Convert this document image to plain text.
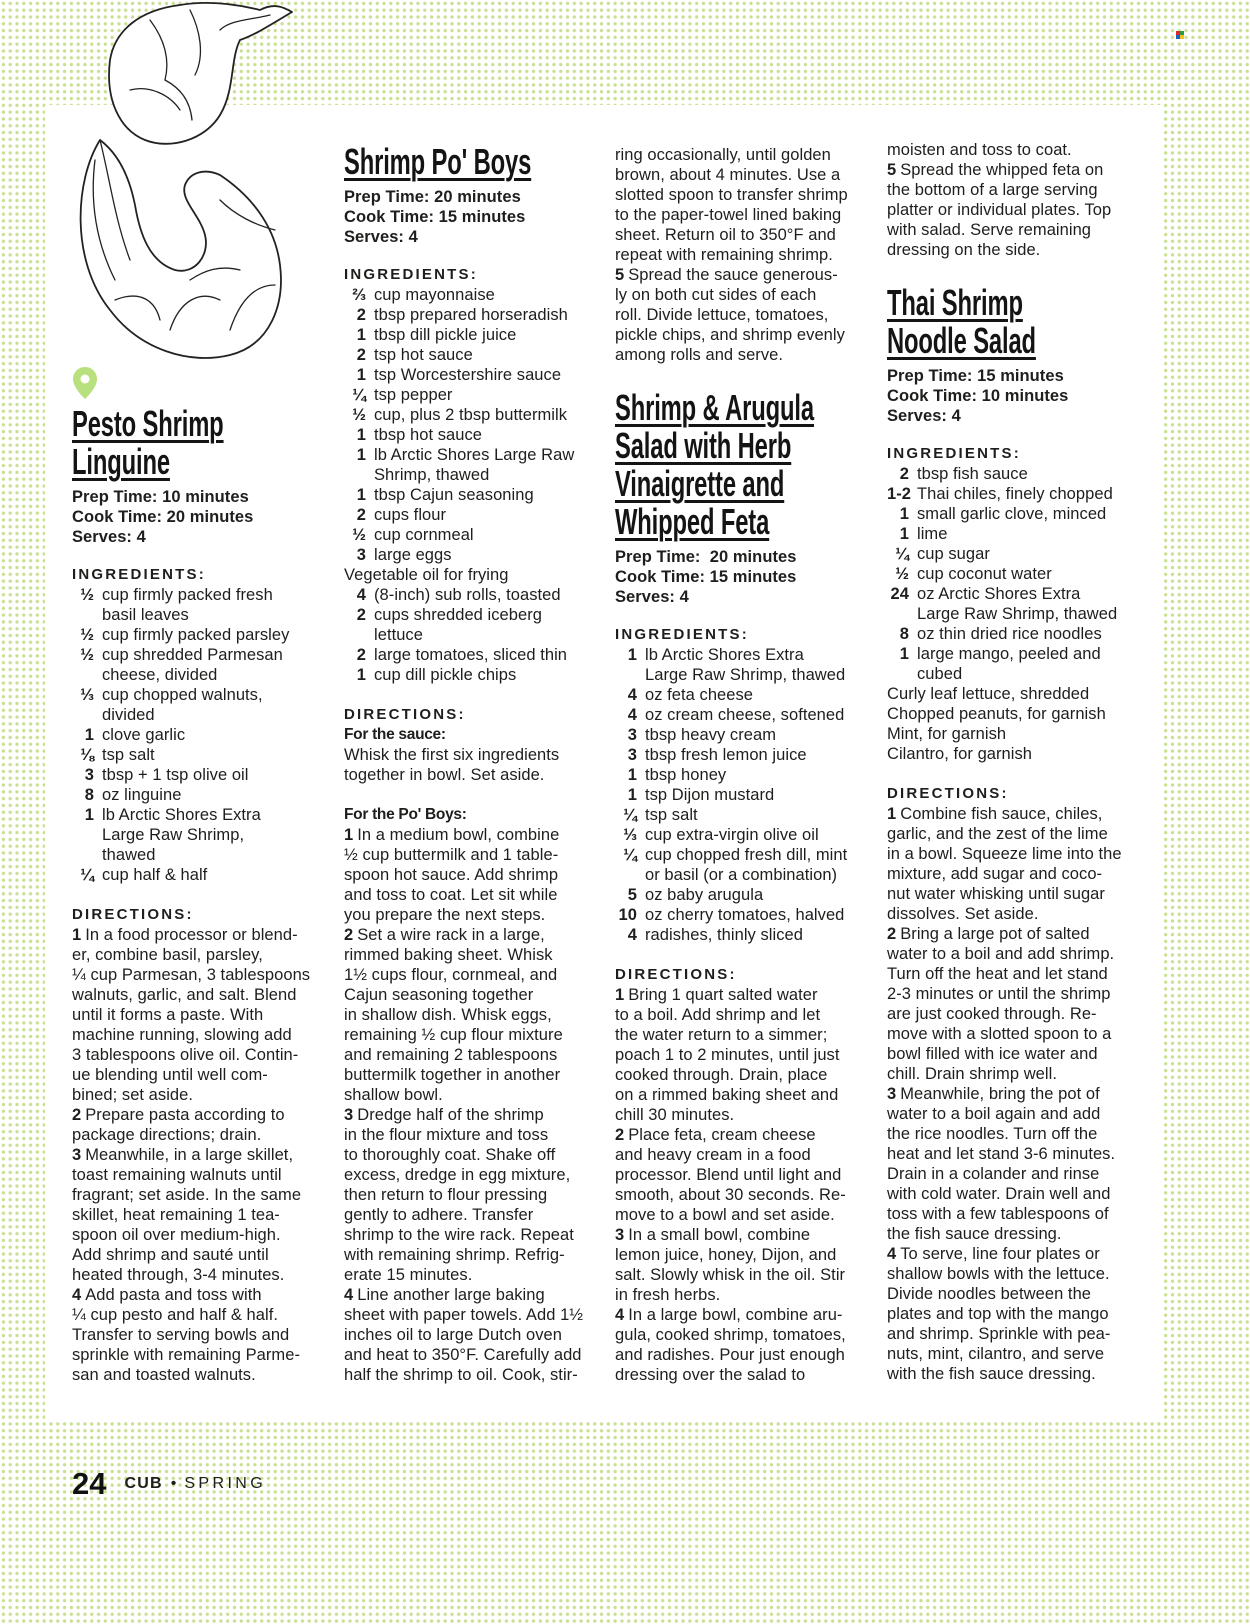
Pesto Shrimp
Linguine
Prep Time: 10 minutes
Cook Time: 20 minutes
Serves: 4
INGREDIENTS:
½ cup firmly packed fresh
basil leaves
½ cup firmly packed parsley
½ cup shredded Parmesan
cheese, divided
⅓ cup chopped walnuts,
divided
1 clove garlic
⅛ tsp salt
3 tbsp + 1 tsp olive oil
8 oz linguine
1 lb Arctic Shores Extra
Large Raw Shrimp,
thawed
¼ cup half & half
DIRECTIONS:
1 In a food processor or blend-
er, combine basil, parsley,
¼ cup Parmesan, 3 tablespoons
walnuts, garlic, and salt. Blend
until it forms a paste. With
machine running, slowing add
3 tablespoons olive oil. Contin-
ue blending until well com-
bined; set aside.
2 Prepare pasta according to
package directions; drain.
3 Meanwhile, in a large skillet,
toast remaining walnuts until
fragrant; set aside. In the same
skillet, heat remaining 1 tea-
spoon oil over medium-high.
Add shrimp and sauté until
heated through, 3-4 minutes.
4 Add pasta and toss with
¼ cup pesto and half & half.
Transfer to serving bowls and
sprinkle with remaining Parme-
san and toasted walnuts.
Shrimp Po' Boys
Prep Time: 20 minutes
Cook Time: 15 minutes
Serves: 4
INGREDIENTS:
⅔ cup mayonnaise
2 tbsp prepared horseradish
1 tbsp dill pickle juice
2 tsp hot sauce
1 tsp Worcestershire sauce
¼ tsp pepper
½ cup, plus 2 tbsp buttermilk
1 tbsp hot sauce
1 lb Arctic Shores Large Raw
Shrimp, thawed
1 tbsp Cajun seasoning
2 cups flour
½ cup cornmeal
3 large eggs
Vegetable oil for frying
4 (8-inch) sub rolls, toasted
2 cups shredded iceberg
lettuce
2 large tomatoes, sliced thin
1 cup dill pickle chips
DIRECTIONS:
For the sauce:
Whisk the first six ingredients
together in bowl. Set aside.
For the Po' Boys:
1 In a medium bowl, combine
½ cup buttermilk and 1 table-
spoon hot sauce. Add shrimp
and toss to coat. Let sit while
you prepare the next steps.
2 Set a wire rack in a large,
rimmed baking sheet. Whisk
1½ cups flour, cornmeal, and
Cajun seasoning together
in shallow dish. Whisk eggs,
remaining ½ cup flour mixture
and remaining 2 tablespoons
buttermilk together in another
shallow bowl.
3 Dredge half of the shrimp
in the flour mixture and toss
to thoroughly coat. Shake off
excess, dredge in egg mixture,
then return to flour pressing
gently to adhere. Transfer
shrimp to the wire rack. Repeat
with remaining shrimp. Refrig-
erate 15 minutes.
4 Line another large baking
sheet with paper towels. Add 1½
inches oil to large Dutch oven
and heat to 350°F. Carefully add
half the shrimp to oil. Cook, stir-
ring occasionally, until golden
brown, about 4 minutes. Use a
slotted spoon to transfer shrimp
to the paper-towel lined baking
sheet. Return oil to 350°F and
repeat with remaining shrimp.
5 Spread the sauce generous-
ly on both cut sides of each
roll. Divide lettuce, tomatoes,
pickle chips, and shrimp evenly
among rolls and serve.
Shrimp & Arugula
Salad with Herb
Vinaigrette and
Whipped Feta
Prep Time:  20 minutes
Cook Time: 15 minutes
Serves: 4
INGREDIENTS:
1 lb Arctic Shores Extra
Large Raw Shrimp, thawed
4 oz feta cheese
4 oz cream cheese, softened
3 tbsp heavy cream
3 tbsp fresh lemon juice
1 tbsp honey
1 tsp Dijon mustard
¼ tsp salt
⅓ cup extra-virgin olive oil
¼ cup chopped fresh dill, mint
or basil (or a combination)
5 oz baby arugula
10 oz cherry tomatoes, halved
4 radishes, thinly sliced
DIRECTIONS:
1 Bring 1 quart salted water
to a boil. Add shrimp and let
the water return to a simmer;
poach 1 to 2 minutes, until just
cooked through. Drain, place
on a rimmed baking sheet and
chill 30 minutes.
2 Place feta, cream cheese
and heavy cream in a food
processor. Blend until light and
smooth, about 30 seconds. Re-
move to a bowl and set aside.
3 In a small bowl, combine
lemon juice, honey, Dijon, and
salt. Slowly whisk in the oil. Stir
in fresh herbs.
4 In a large bowl, combine aru-
gula, cooked shrimp, tomatoes,
and radishes. Pour just enough
dressing over the salad to
moisten and toss to coat.
5 Spread the whipped feta on
the bottom of a large serving
platter or individual plates. Top
with salad. Serve remaining
dressing on the side.
Thai Shrimp
Noodle Salad
Prep Time: 15 minutes
Cook Time: 10 minutes
Serves: 4
INGREDIENTS:
2 tbsp fish sauce
1-2 Thai chiles, finely chopped
1 small garlic clove, minced
1 lime
¼ cup sugar
½ cup coconut water
24 oz Arctic Shores Extra
Large Raw Shrimp, thawed
8 oz thin dried rice noodles
1 large mango, peeled and
cubed
Curly leaf lettuce, shredded
Chopped peanuts, for garnish
Mint, for garnish
Cilantro, for garnish
DIRECTIONS:
1 Combine fish sauce, chiles,
garlic, and the zest of the lime
in a bowl. Squeeze lime into the
mixture, add sugar and coco-
nut water whisking until sugar
dissolves. Set aside.
2 Bring a large pot of salted
water to a boil and add shrimp.
Turn off the heat and let stand
2-3 minutes or until the shrimp
are just cooked through. Re-
move with a slotted spoon to a
bowl filled with ice water and
chill. Drain shrimp well.
3 Meanwhile, bring the pot of
water to a boil again and add
the rice noodles. Turn off the
heat and let stand 3-6 minutes.
Drain in a colander and rinse
with cold water. Drain well and
toss with a few tablespoons of
the fish sauce dressing.
4 To serve, line four plates or
shallow bowls with the lettuce.
Divide noodles between the
plates and top with the mango
and shrimp. Sprinkle with pea-
nuts, mint, cilantro, and serve
with the fish sauce dressing.
24 CUB • SPRING
